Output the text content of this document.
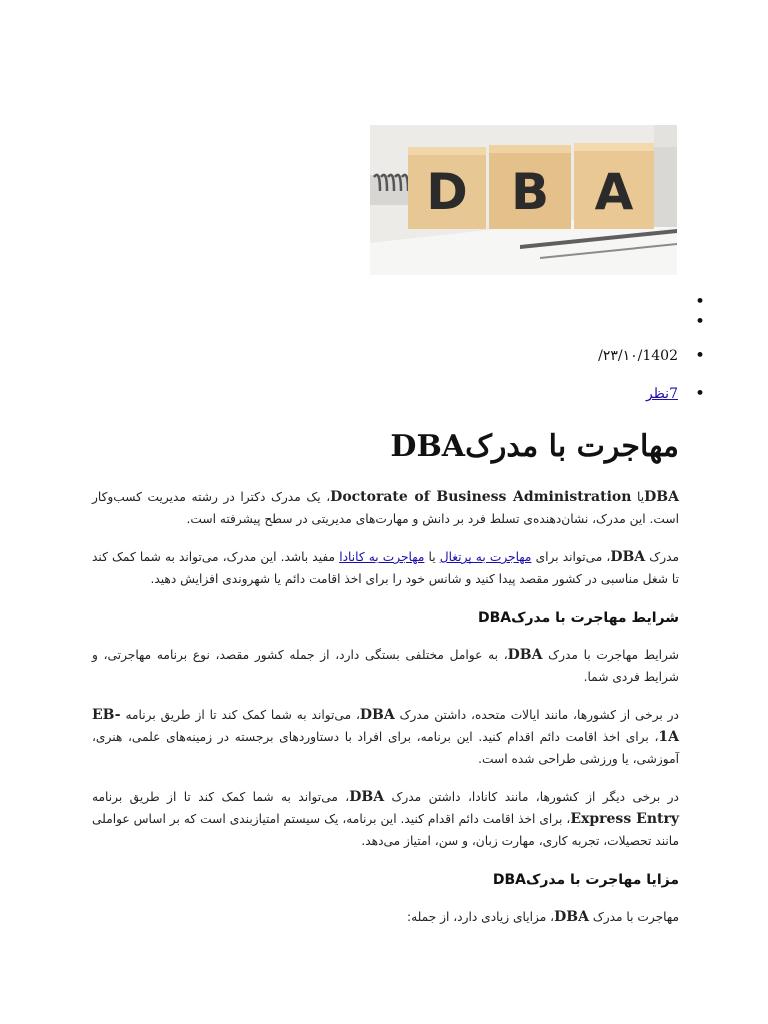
D B A
•
•
• ۲۳/۱۰/1402/
• 7نظر
مهاجرت با مدرکDBA

DBAیا Doctorate of Business Administration، یک مدرک دکترا در رشته مدیریت کسب‌وکار است. این مدرک، نشان‌دهنده‌ی تسلط فرد بر دانش و مهارت‌های مدیریتی در سطح پیشرفته است.

مدرک DBA، می‌تواند برای مهاجرت به پرتغال یا مهاجرت به کانادا مفید باشد. این مدرک، می‌تواند به شما کمک کند تا شغل مناسبی در کشور مقصد پیدا کنید و شانس خود را برای اخذ اقامت دائم یا شهروندی افزایش دهید.

شرایط مهاجرت با مدرکDBA

شرایط مهاجرت با مدرک DBA، به عوامل مختلفی بستگی دارد، از جمله کشور مقصد، نوع برنامه مهاجرتی، و شرایط فردی شما.

در برخی از کشورها، مانند ایالات متحده، داشتن مدرک DBA، می‌تواند به شما کمک کند تا از طریق برنامه EB-1A، برای اخذ اقامت دائم اقدام کنید. این برنامه، برای افراد با دستاوردهای برجسته در زمینه‌های علمی، هنری، آموزشی، یا ورزشی طراحی شده است.

در برخی دیگر از کشورها، مانند کانادا، داشتن مدرک DBA، می‌تواند به شما کمک کند تا از طریق برنامه Express Entry، برای اخذ اقامت دائم اقدام کنید. این برنامه، یک سیستم امتیازبندی است که بر اساس عواملی مانند تحصیلات، تجربه کاری، مهارت زبان، و سن، امتیاز می‌دهد.

مزایا مهاجرت با مدرکDBA

مهاجرت با مدرک DBA، مزایای زیادی دارد، از جمله:
